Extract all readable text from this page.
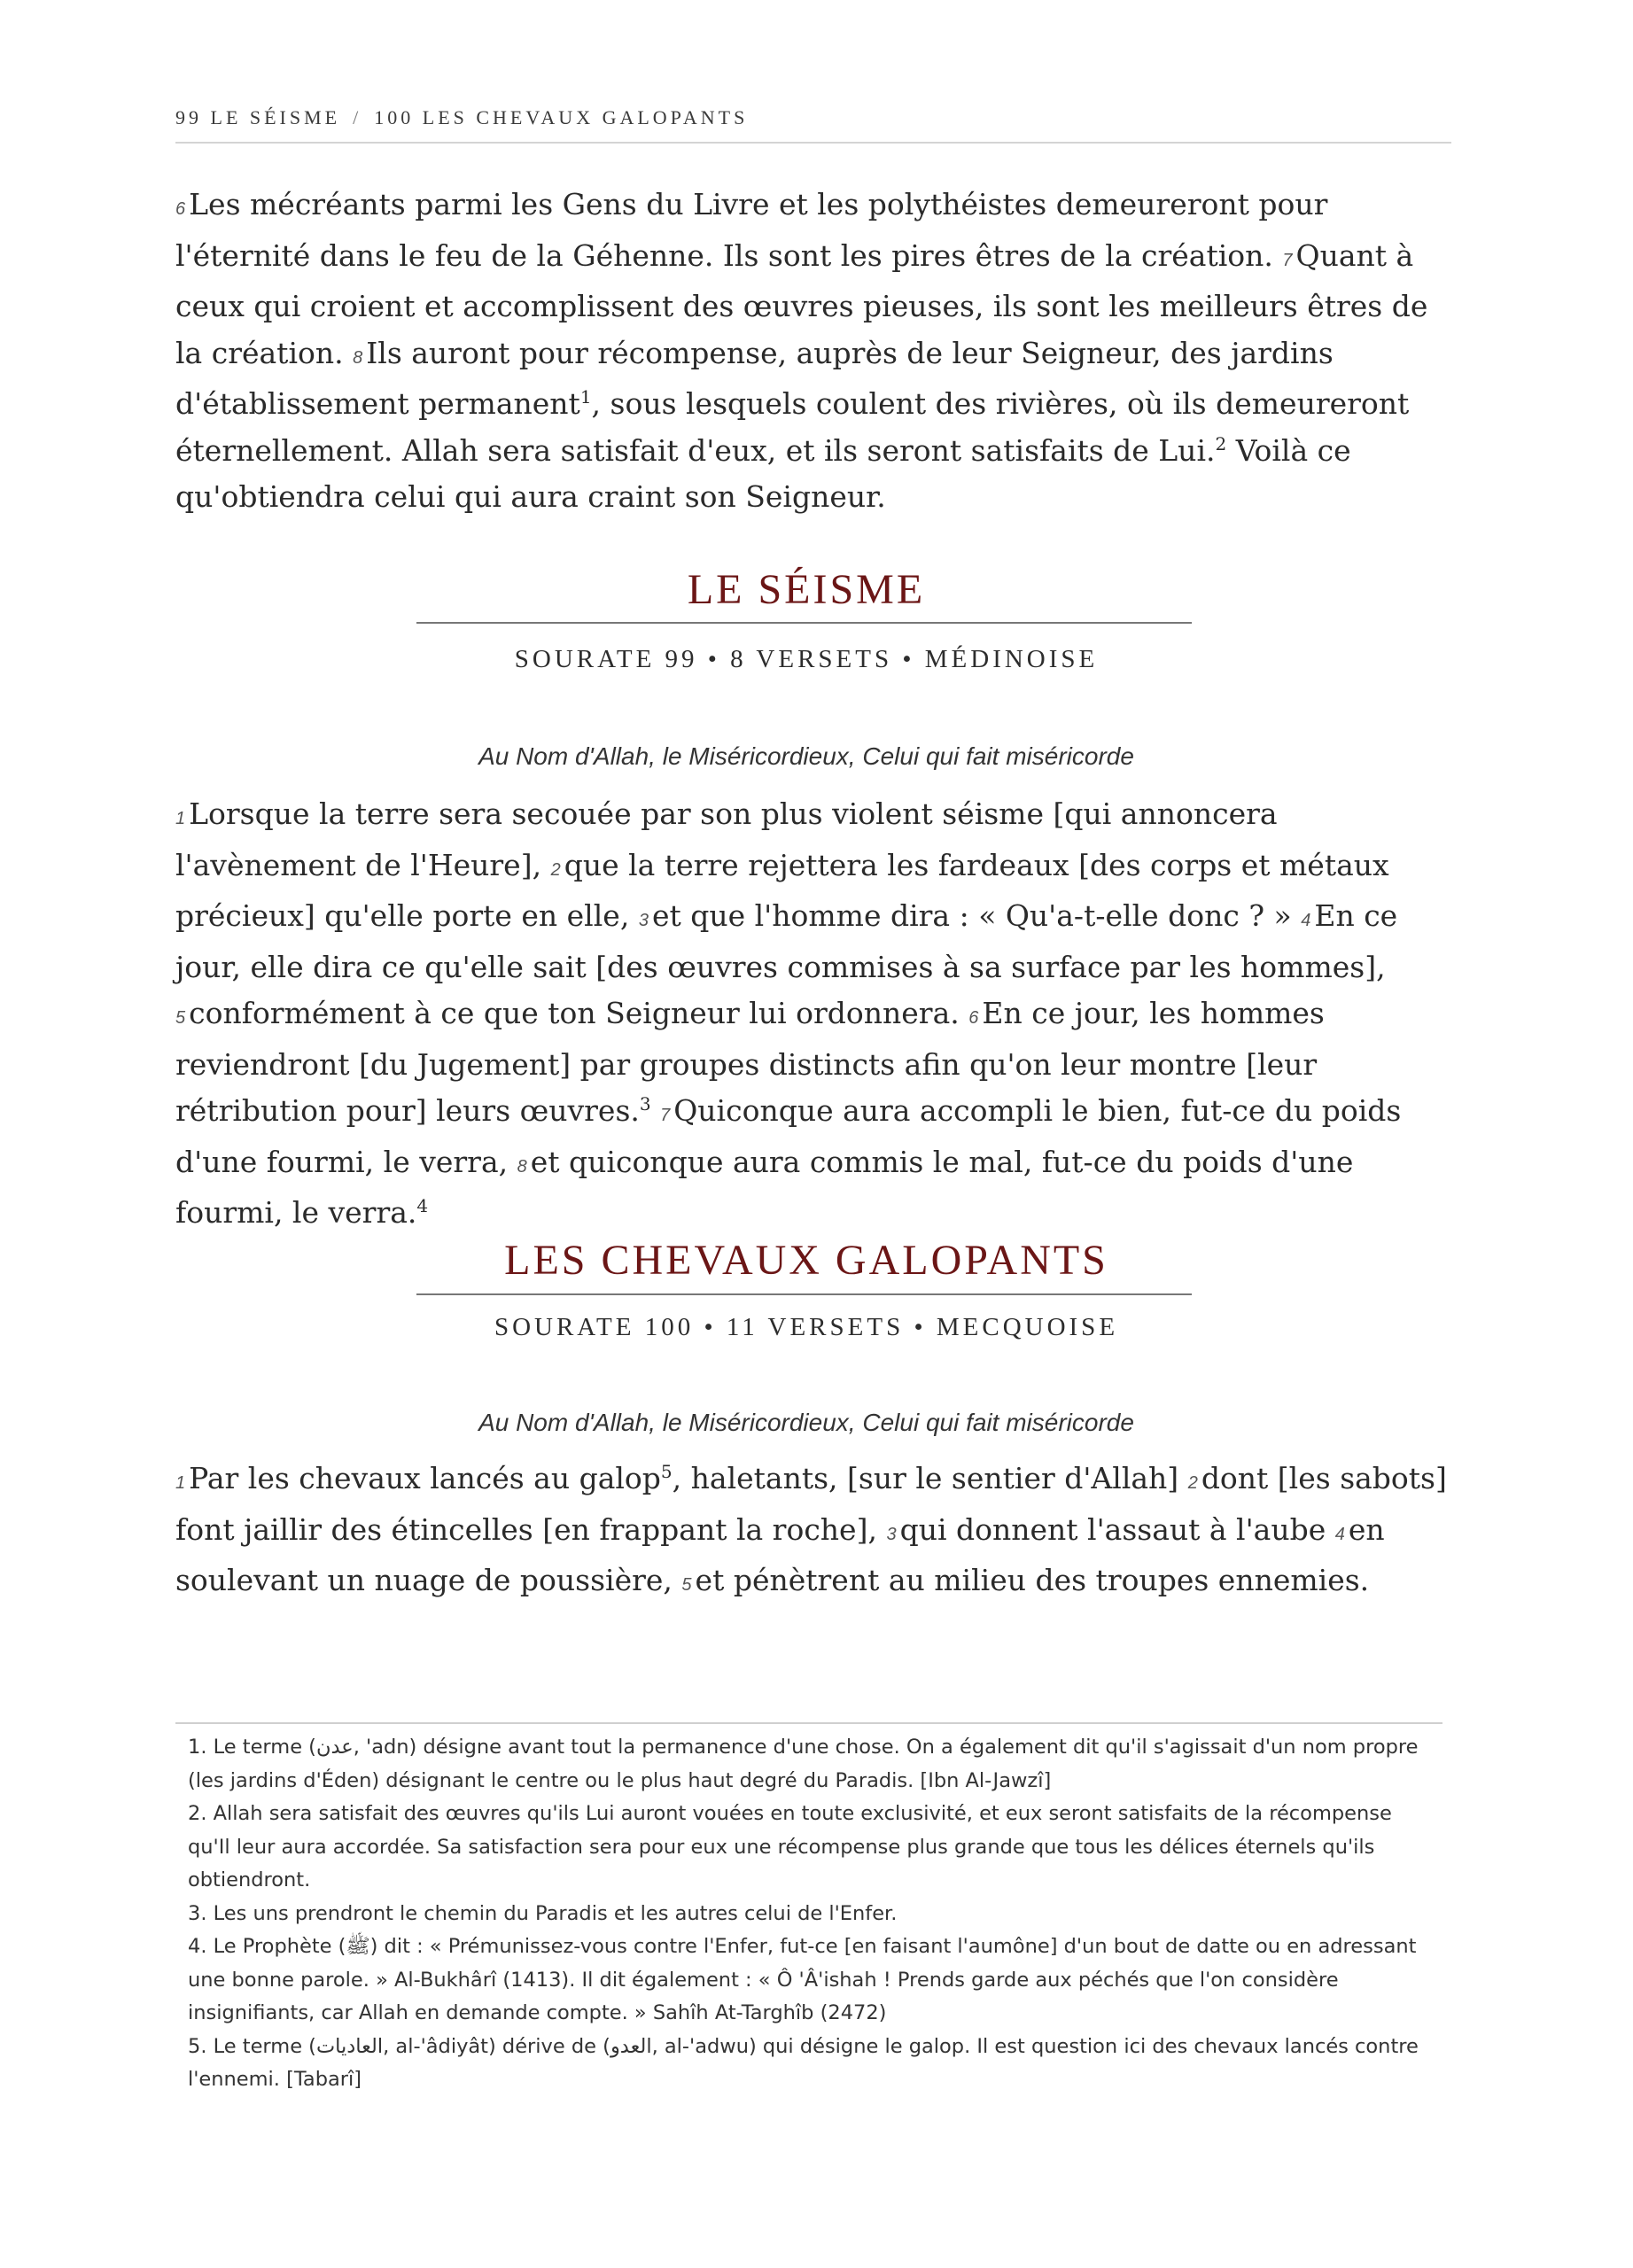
99 LE SÉISME / 100 LES CHEVAUX GALOPANTS
6 Les mécréants parmi les Gens du Livre et les polythéistes demeureront pour l'éternité dans le feu de la Géhenne. Ils sont les pires êtres de la création. 7 Quant à ceux qui croient et accomplissent des œuvres pieuses, ils sont les meilleurs êtres de la création. 8 Ils auront pour récompense, auprès de leur Seigneur, des jardins d'établissement permanent$^1$, sous lesquels coulent des rivières, où ils demeureront éternellement. Allah sera satisfait d'eux, et ils seront satisfaits de Lui.$^2$ Voilà ce qu'obtiendra celui qui aura craint son Seigneur.
LE SÉISME
SOURATE 99 • 8 VERSETS • MÉDINOISE
Au Nom d'Allah, le Miséricordieux, Celui qui fait miséricorde
1 Lorsque la terre sera secouée par son plus violent séisme [qui annoncera l'avènement de l'Heure], 2 que la terre rejettera les fardeaux [des corps et métaux précieux] qu'elle porte en elle, 3 et que l'homme dira : « Qu'a-t-elle donc ? » 4 En ce jour, elle dira ce qu'elle sait [des œuvres commises à sa surface par les hommes], 5 conformément à ce que ton Seigneur lui ordonnera. 6 En ce jour, les hommes reviendront [du Jugement] par groupes distincts afin qu'on leur montre [leur rétribution pour] leurs œuvres.$^3$ 7 Quiconque aura accompli le bien, fut-ce du poids d'une fourmi, le verra, 8 et quiconque aura commis le mal, fut-ce du poids d'une fourmi, le verra.$^4$
LES CHEVAUX GALOPANTS
SOURATE 100 • 11 VERSETS • MECQUOISE
Au Nom d'Allah, le Miséricordieux, Celui qui fait miséricorde
1 Par les chevaux lancés au galop$^5$, haletants, [sur le sentier d'Allah] 2 dont [les sabots] font jaillir des étincelles [en frappant la roche], 3 qui donnent l'assaut à l'aube 4 en soulevant un nuage de poussière, 5 et pénètrent au milieu des troupes ennemies.

1. Le terme (عدن, 'adn) désigne avant tout la permanence d'une chose. On a également dit qu'il s'agissait d'un nom propre (les jardins d'Éden) désignant le centre ou le plus haut degré du Paradis. [Ibn Al-Jawzî]

2. Allah sera satisfait des œuvres qu'ils Lui auront vouées en toute exclusivité, et eux seront satisfaits de la récompense qu'Il leur aura accordée. Sa satisfaction sera pour eux une récompense plus grande que tous les délices éternels qu'ils obtiendront.

3. Les uns prendront le chemin du Paradis et les autres celui de l'Enfer.

4. Le Prophète (ﷺ) dit : « Prémunissez-vous contre l'Enfer, fut-ce [en faisant l'aumône] d'un bout de datte ou en adressant une bonne parole. » Al-Bukhârî (1413). Il dit également : « Ô 'Â'ishah ! Prends garde aux péchés que l'on considère insignifiants, car Allah en demande compte. » Sahîh At-Targhîb (2472)

5. Le terme (العاديات, al-'âdiyât) dérive de (العدو, al-'adwu) qui désigne le galop. Il est question ici des chevaux lancés contre l'ennemi. [Tabarî]
